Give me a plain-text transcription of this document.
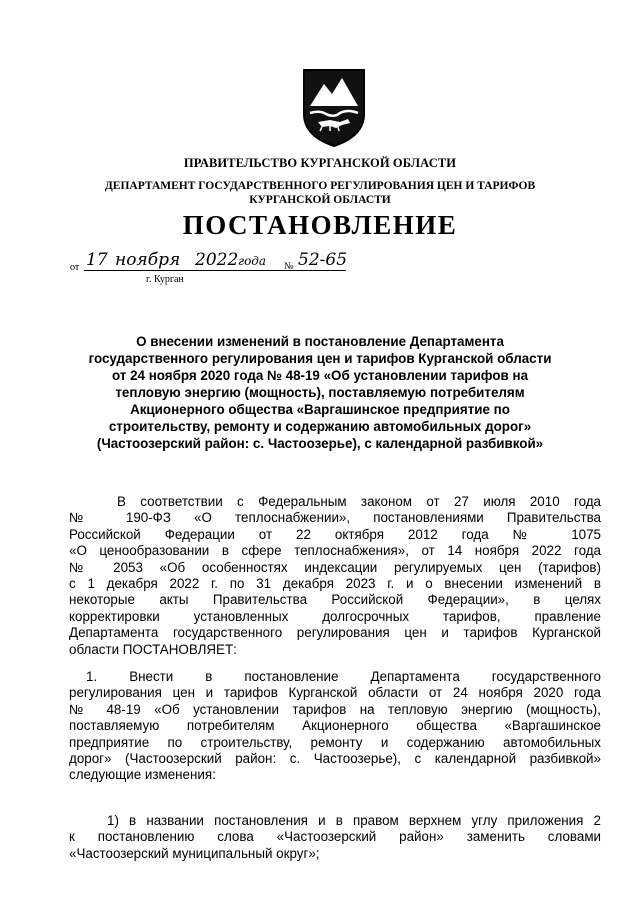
ПРАВИТЕЛЬСТВО КУРГАНСКОЙ ОБЛАСТИ
ДЕПАРТАМЕНТ ГОСУДАРСТВЕННОГО РЕГУЛИРОВАНИЯ ЦЕН И ТАРИФОВ
КУРГАНСКОЙ ОБЛАСТИ
ПОСТАНОВЛЕНИЕ
от 17 ноября 2022 года № 52-65
г. Курган
О внесении изменений в постановление Департамента
государственного регулирования цен и тарифов Курганской области
от 24 ноября 2020 года № 48-19 «Об установлении тарифов на
тепловую энергию (мощность), поставляемую потребителям
Акционерного общества «Варгашинское предприятие по
строительству, ремонту и содержанию автомобильных дорог»
(Частоозерский район: с. Частоозерье), с календарной разбивкой»
В соответствии с Федеральным законом от 27 июля 2010 года
№ 190-ФЗ «О теплоснабжении», постановлениями Правительства
Российской Федерации от 22 октября 2012 года № 1075
«О ценообразовании в сфере теплоснабжения», от 14 ноября 2022 года
№ 2053 «Об особенностях индексации регулируемых цен (тарифов)
с 1 декабря 2022 г. по 31 декабря 2023 г. и о внесении изменений в
некоторые акты Правительства Российской Федерации», в целях
корректировки установленных долгосрочных тарифов, правление
Департамента государственного регулирования цен и тарифов Курганской
области ПОСТАНОВЛЯЕТ:
1. Внести в постановление Департамента государственного
регулирования цен и тарифов Курганской области от 24 ноября 2020 года
№ 48-19 «Об установлении тарифов на тепловую энергию (мощность),
поставляемую потребителям Акционерного общества «Варгашинское
предприятие по строительству, ремонту и содержанию автомобильных
дорог» (Частоозерский район: с. Частоозерье), с календарной разбивкой»
следующие изменения:
1) в названии постановления и в правом верхнем углу приложения 2
к постановлению слова «Частоозерский район» заменить словами
«Частоозерский муниципальный округ»;
